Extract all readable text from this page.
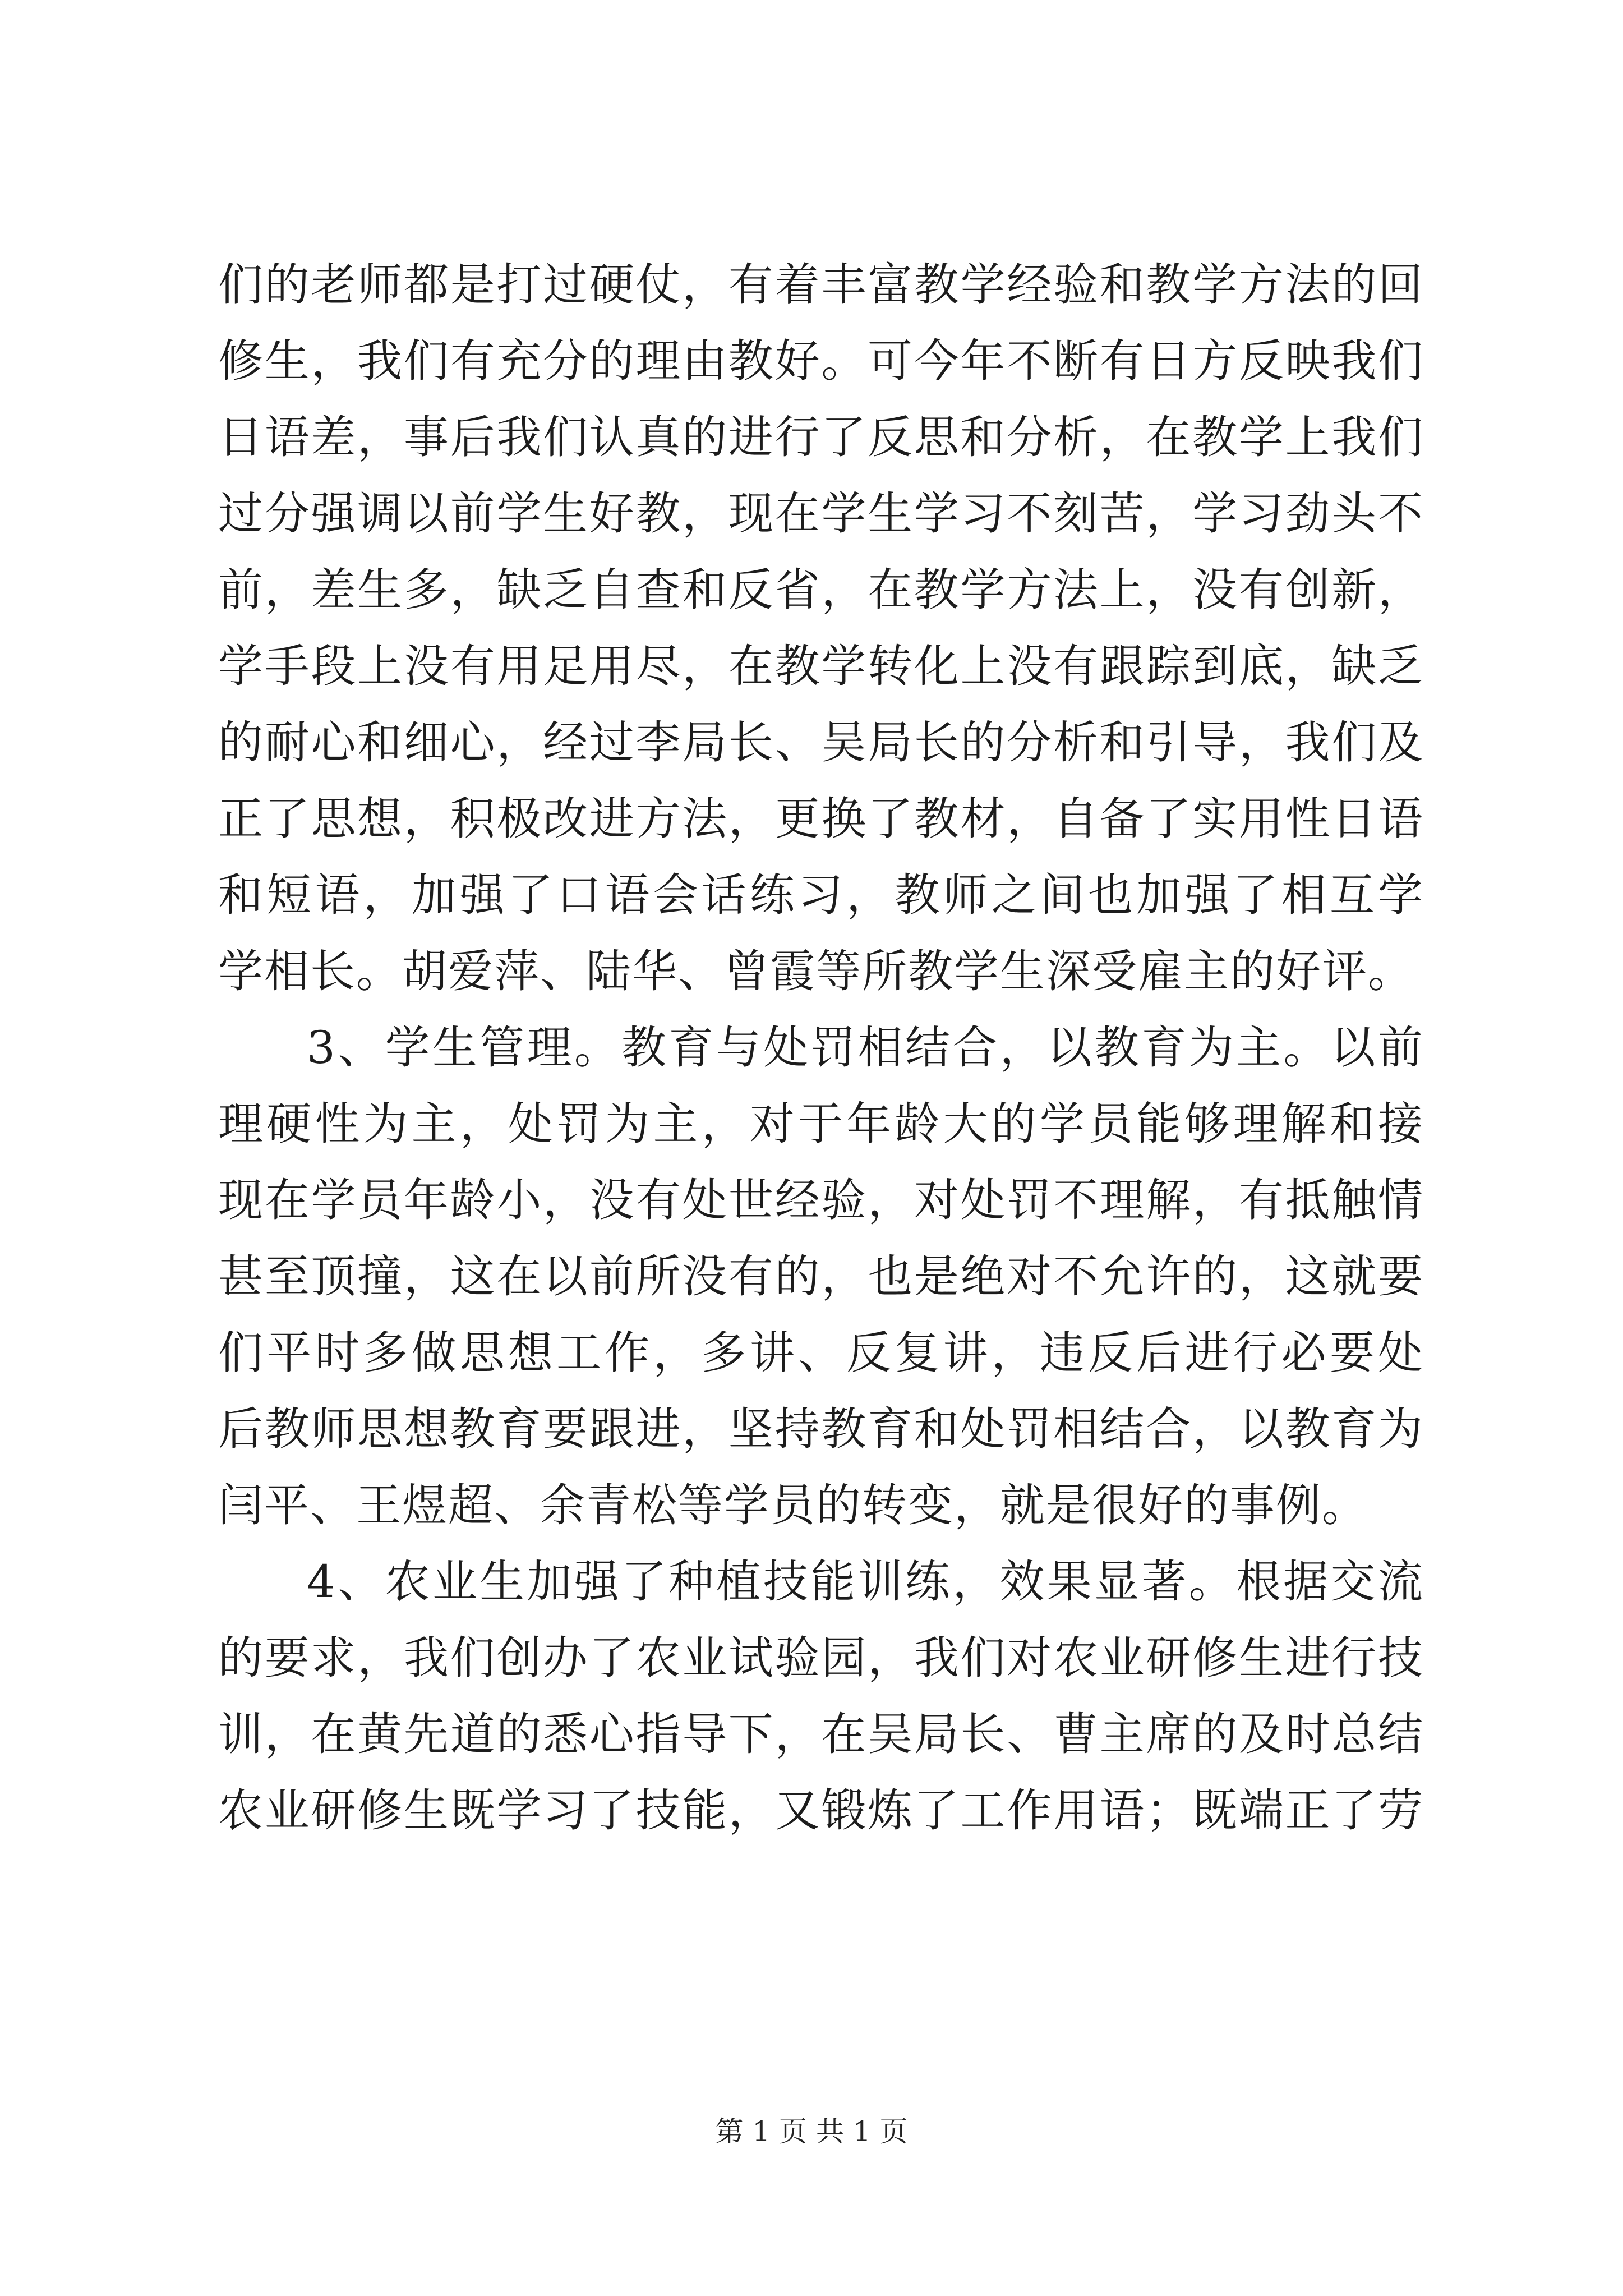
们的老师都是打过硬仗，有着丰富教学经验和教学方法的回
修生，我们有充分的理由教好。可今年不断有日方反映我们
日语差，事后我们认真的进行了反思和分析，在教学上我们
过分强调以前学生好教，现在学生学习不刻苦，学习劲头不
前，差生多，缺乏自查和反省，在教学方法上，没有创新，
学手段上没有用足用尽，在教学转化上没有跟踪到底，缺乏
的耐心和细心，经过李局长、吴局长的分析和引导，我们及
正了思想，积极改进方法，更换了教材，自备了实用性日语
和短语，加强了口语会话练习，教师之间也加强了相互学
学相长。胡爱萍、陆华、曾霞等所教学生深受雇主的好评。
3、学生管理。教育与处罚相结合，以教育为主。以前
理硬性为主，处罚为主，对于年龄大的学员能够理解和接
现在学员年龄小，没有处世经验，对处罚不理解，有抵触情
甚至顶撞，这在以前所没有的，也是绝对不允许的，这就要
们平时多做思想工作，多讲、反复讲，违反后进行必要处
后教师思想教育要跟进，坚持教育和处罚相结合，以教育为
闫平、王煜超、余青松等学员的转变，就是很好的事例。
4、农业生加强了种植技能训练，效果显著。根据交流
的要求，我们创办了农业试验园，我们对农业研修生进行技
训，在黄先道的悉心指导下，在吴局长、曹主席的及时总结
农业研修生既学习了技能，又锻炼了工作用语；既端正了劳
第 1 页 共 1 页
